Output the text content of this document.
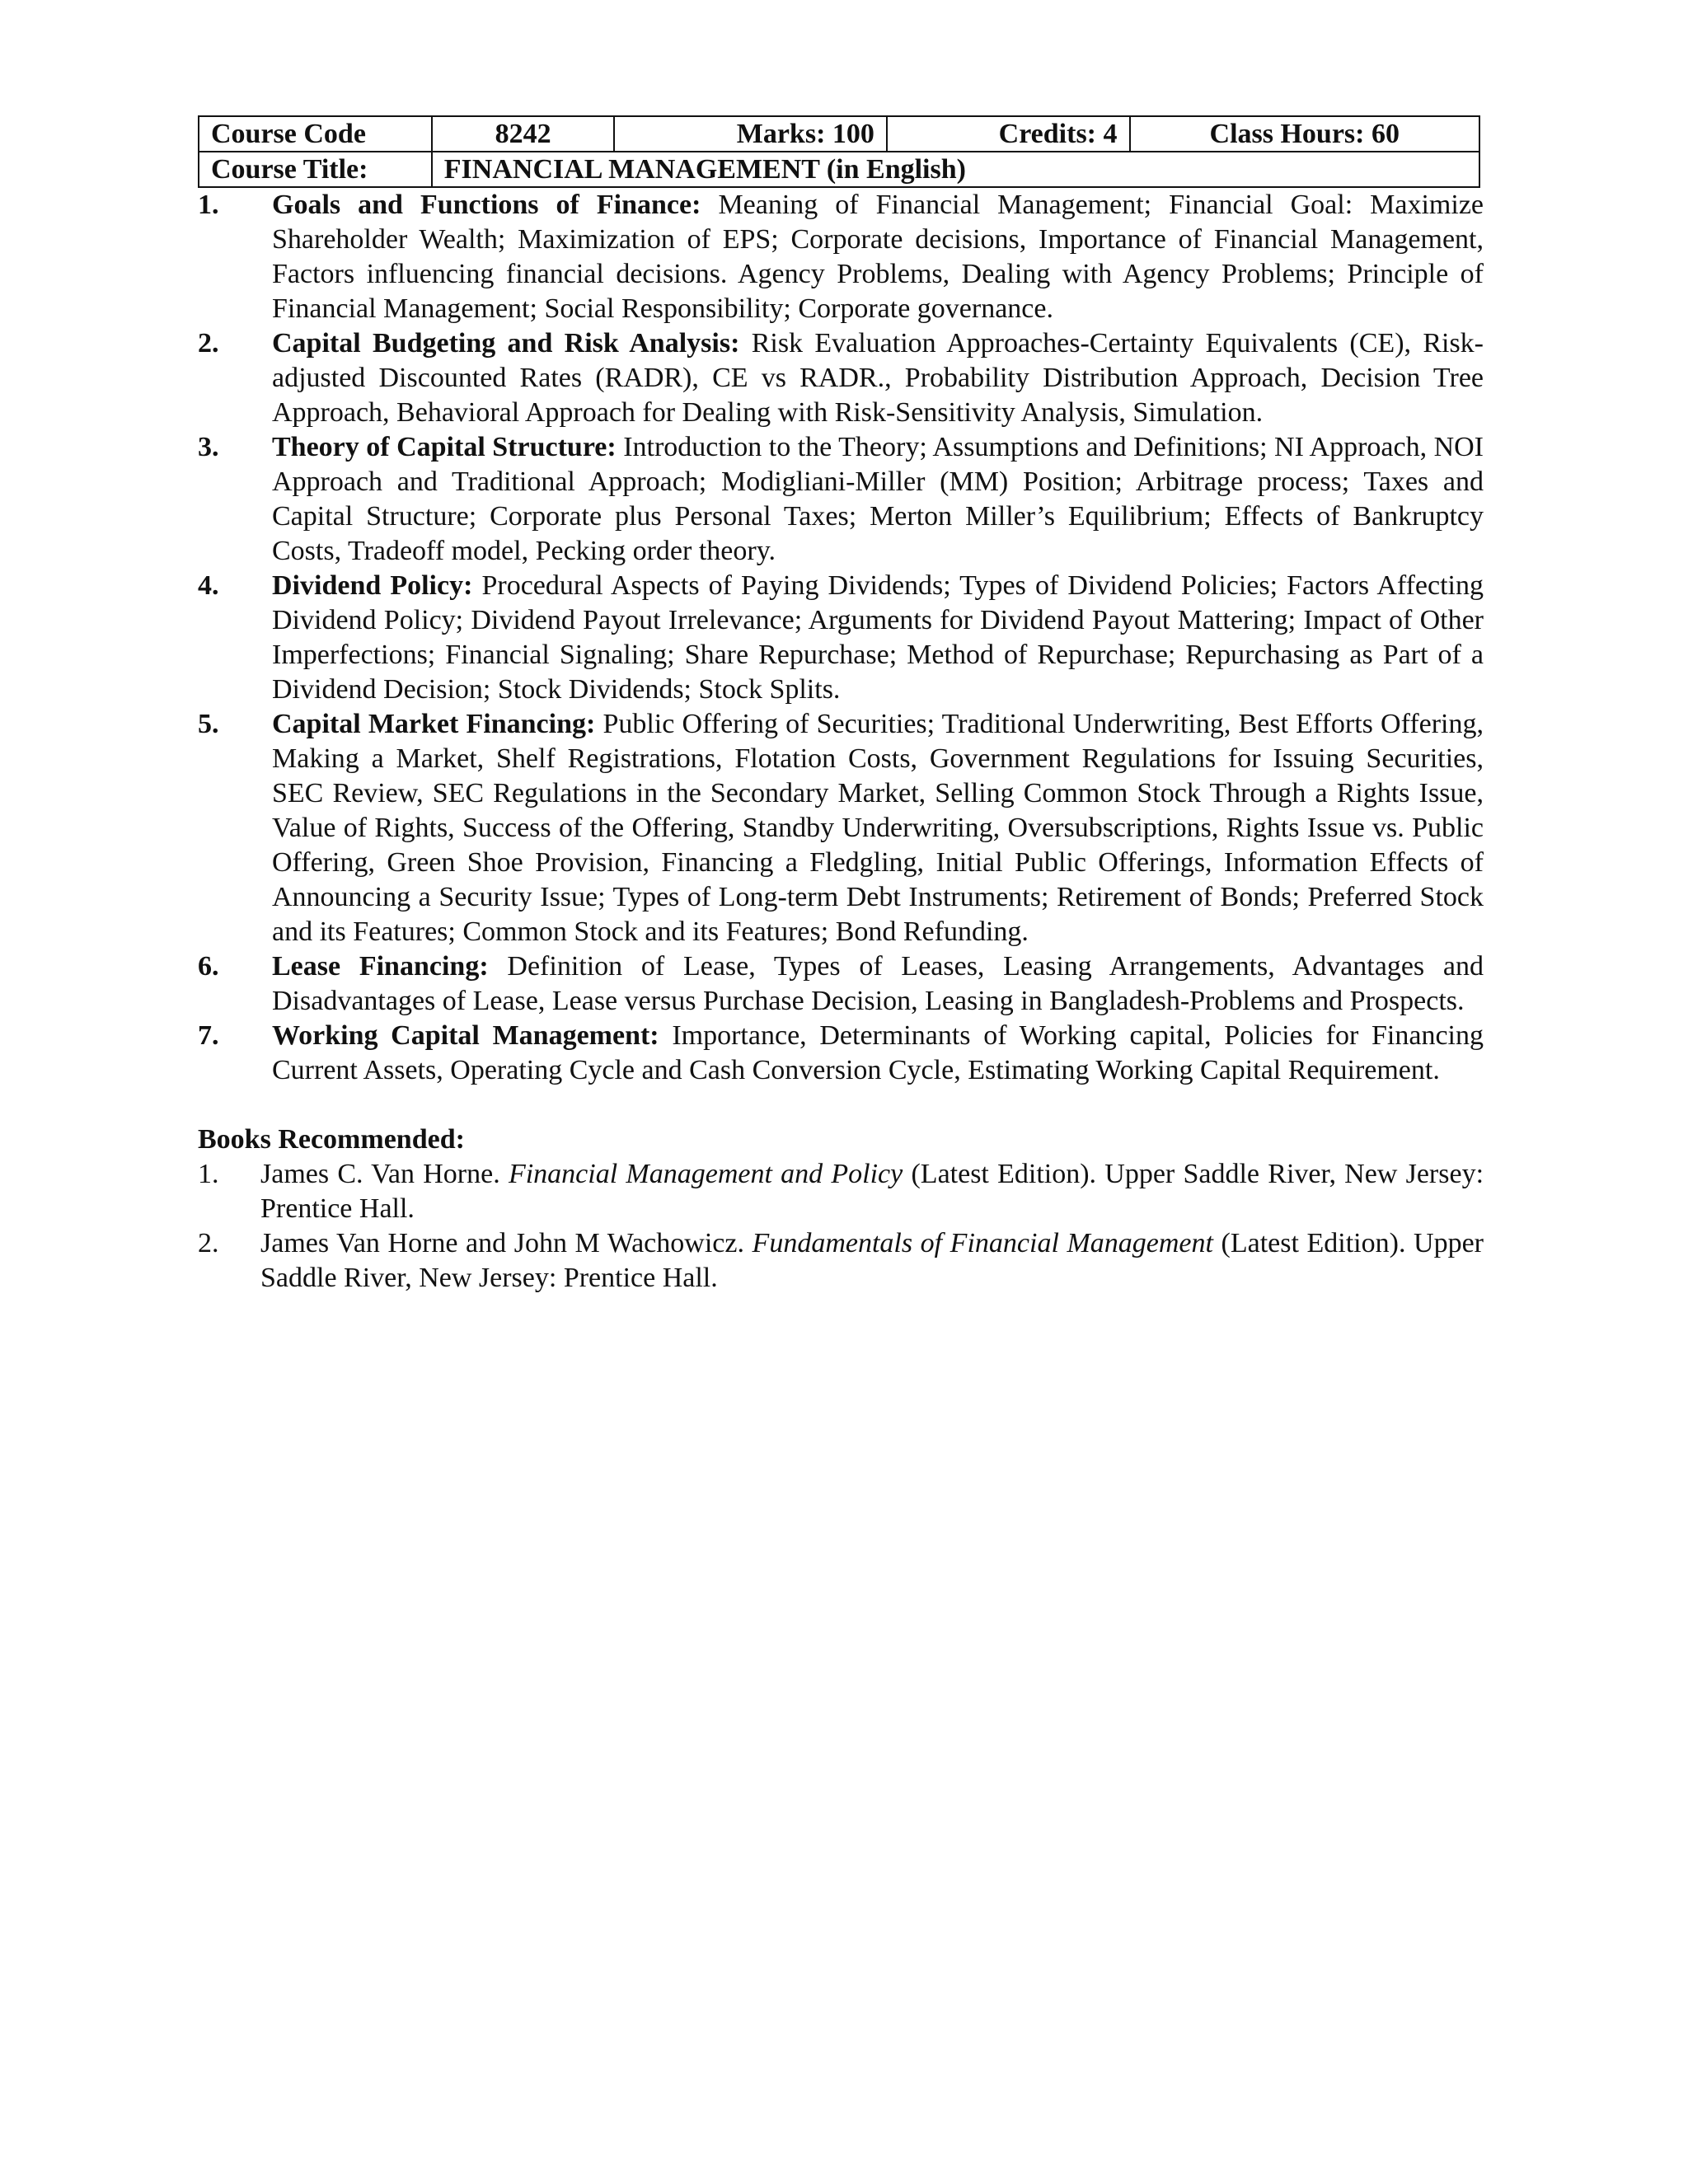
Course Code	8242	Marks: 100	Credits: 4	Class Hours: 60
Course Title:	FINANCIAL MANAGEMENT (in English)			
1. Goals and Functions of Finance: Meaning of Financial Management; Financial Goal: Maximize Shareholder Wealth; Maximization of EPS; Corporate decisions, Importance of Financial Management, Factors influencing financial decisions. Agency Problems, Dealing with Agency Problems; Principle of Financial Management; Social Responsibility; Corporate governance.
2. Capital Budgeting and Risk Analysis: Risk Evaluation Approaches-Certainty Equivalents (CE), Risk-adjusted Discounted Rates (RADR), CE vs RADR., Probability Distribution Approach, Decision Tree Approach, Behavioral Approach for Dealing with Risk-Sensitivity Analysis, Simulation.
3. Theory of Capital Structure: Introduction to the Theory; Assumptions and Definitions; NI Approach, NOI Approach and Traditional Approach; Modigliani-Miller (MM) Position; Arbitrage process; Taxes and Capital Structure; Corporate plus Personal Taxes; Merton Miller’s Equilibrium; Effects of Bankruptcy Costs, Tradeoff model, Pecking order theory.
4. Dividend Policy: Procedural Aspects of Paying Dividends; Types of Dividend Policies; Factors Affecting Dividend Policy; Dividend Payout Irrelevance; Arguments for Dividend Payout Mattering; Impact of Other Imperfections; Financial Signaling; Share Repurchase; Method of Repurchase; Repurchasing as Part of a Dividend Decision; Stock Dividends; Stock Splits.
5. Capital Market Financing: Public Offering of Securities; Traditional Underwriting, Best Efforts Offering, Making a Market, Shelf Registrations, Flotation Costs, Government Regulations for Issuing Securities, SEC Review, SEC Regulations in the Secondary Market, Selling Common Stock Through a Rights Issue, Value of Rights, Success of the Offering, Standby Underwriting, Oversubscriptions, Rights Issue vs. Public Offering, Green Shoe Provision, Financing a Fledgling, Initial Public Offerings, Information Effects of Announcing a Security Issue; Types of Long-term Debt Instruments; Retirement of Bonds; Preferred Stock and its Features; Common Stock and its Features; Bond Refunding.
6. Lease Financing: Definition of Lease, Types of Leases, Leasing Arrangements, Advantages and Disadvantages of Lease, Lease versus Purchase Decision, Leasing in Bangladesh-Problems and Prospects.
7. Working Capital Management: Importance, Determinants of Working capital, Policies for Financing Current Assets, Operating Cycle and Cash Conversion Cycle, Estimating Working Capital Requirement.
Books Recommended:
1. James C. Van Horne. Financial Management and Policy (Latest Edition). Upper Saddle River, New Jersey: Prentice Hall.
2. James Van Horne and John M Wachowicz. Fundamentals of Financial Management (Latest Edition). Upper Saddle River, New Jersey: Prentice Hall.
